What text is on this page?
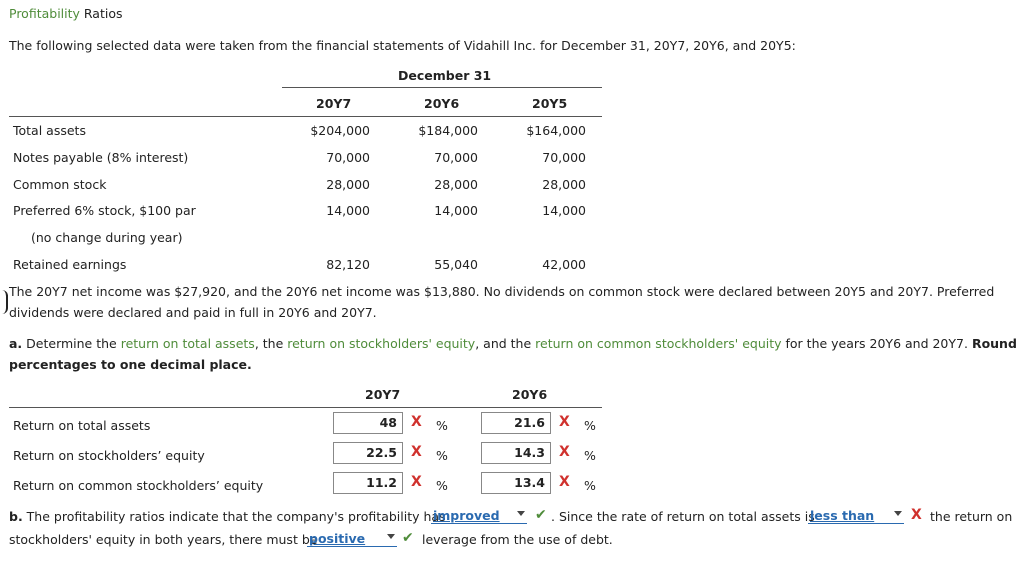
Profitability Ratios
The following selected data were taken from the financial statements of Vidahill Inc. for December 31, 20Y7, 20Y6, and 20Y5:
December 31
20Y7	20Y6	20Y5
Total assets	$204,000	$184,000	$164,000
Notes payable (8% interest)	70,000	70,000	70,000
Common stock	28,000	28,000	28,000
Preferred 6% stock, $100 par	14,000	14,000	14,000
(no change during year)
Retained earnings	82,120	55,040	42,000
The 20Y7 net income was $27,920, and the 20Y6 net income was $13,880. No dividends on common stock were declared between 20Y5 and 20Y7. Preferred dividends were declared and paid in full in 20Y6 and 20Y7.
a. Determine the return on total assets, the return on stockholders' equity, and the return on common stockholders' equity for the years 20Y6 and 20Y7. Round percentages to one decimal place.
20Y7	20Y6
Return on total assets	48	X %	21.6	X %
Return on stockholders’ equity	22.5	X %	14.3	X %
Return on common stockholders’ equity	11.2	X %	13.4	X %
b. The profitability ratios indicate that the company's profitability has
improved	✔ . Since the rate of return on total assets is
less than	X the return on
stockholders' equity in both years, there must be
positive	✔ leverage from the use of debt.
